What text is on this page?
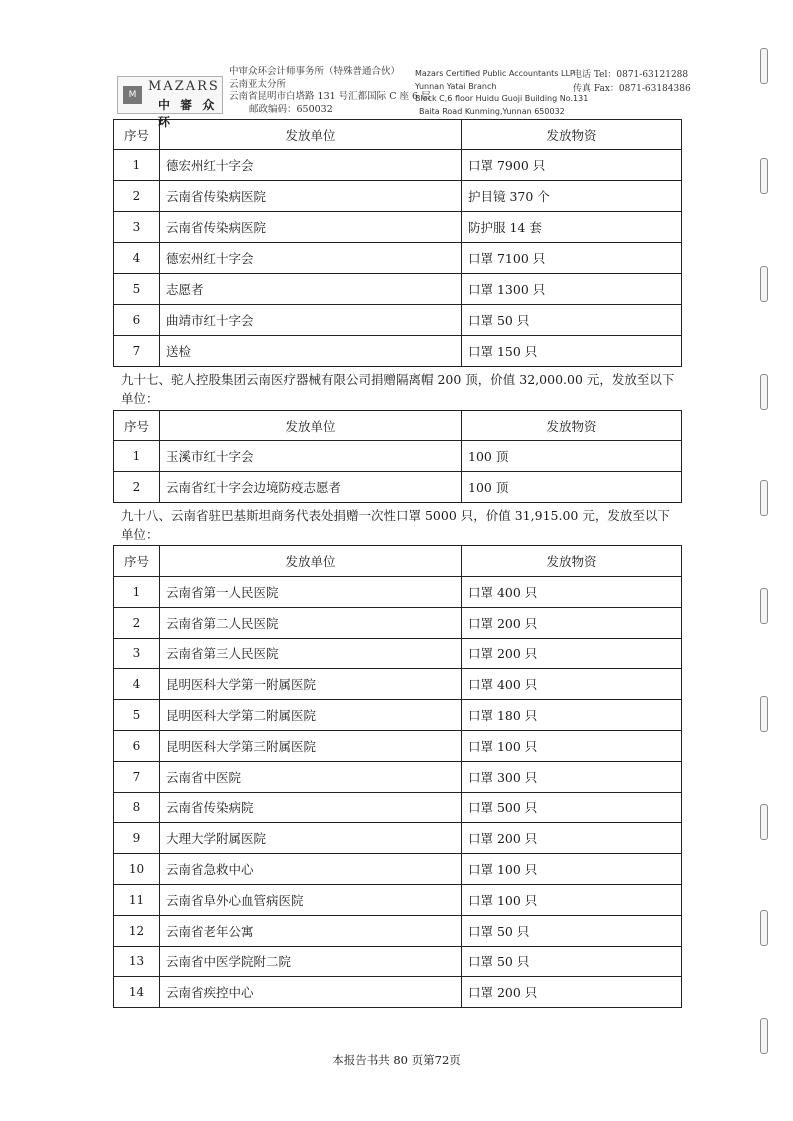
M
MAZARS
中 審 众 环
中审众环会计师事务所（特殊普通合伙）
云南亚太分所
云南省昆明市白塔路 131 号汇都国际 C 座 6 层
邮政编码：650032
Mazars Certified Public Accountants LLP
Yunnan Yatai Branch
Block C,6 floor Huidu Guoji Building No.131
Baita Road Kunming,Yunnan 650032
电话 Tel：0871-63121288
传真 Fax：0871-63184386
序号	发放单位	发放物资
1	德宏州红十字会	口罩 7900 只
2	云南省传染病医院	护目镜 370 个
3	云南省传染病医院	防护服 14 套
4	德宏州红十字会	口罩 7100 只
5	志愿者	口罩 1300 只
6	曲靖市红十字会	口罩 50 只
7	送检	口罩 150 只
九十七、驼人控股集团云南医疗器械有限公司捐赠隔离帽 200 顶，价值 32,000.00 元，发放至以下单位：
序号	发放单位	发放物资
1	玉溪市红十字会	100 顶
2	云南省红十字会边境防疫志愿者	100 顶
九十八、云南省驻巴基斯坦商务代表处捐赠一次性口罩 5000 只，价值 31,915.00 元，发放至以下单位：
序号	发放单位	发放物资
1	云南省第一人民医院	口罩 400 只
2	云南省第二人民医院	口罩 200 只
3	云南省第三人民医院	口罩 200 只
4	昆明医科大学第一附属医院	口罩 400 只
5	昆明医科大学第二附属医院	口罩 180 只
6	昆明医科大学第三附属医院	口罩 100 只
7	云南省中医院	口罩 300 只
8	云南省传染病院	口罩 500 只
9	大理大学附属医院	口罩 200 只
10	云南省急救中心	口罩 100 只
11	云南省阜外心血管病医院	口罩 100 只
12	云南省老年公寓	口罩 50 只
13	云南省中医学院附二院	口罩 50 只
14	云南省疾控中心	口罩 200 只
本报告书共 80 页第72页
